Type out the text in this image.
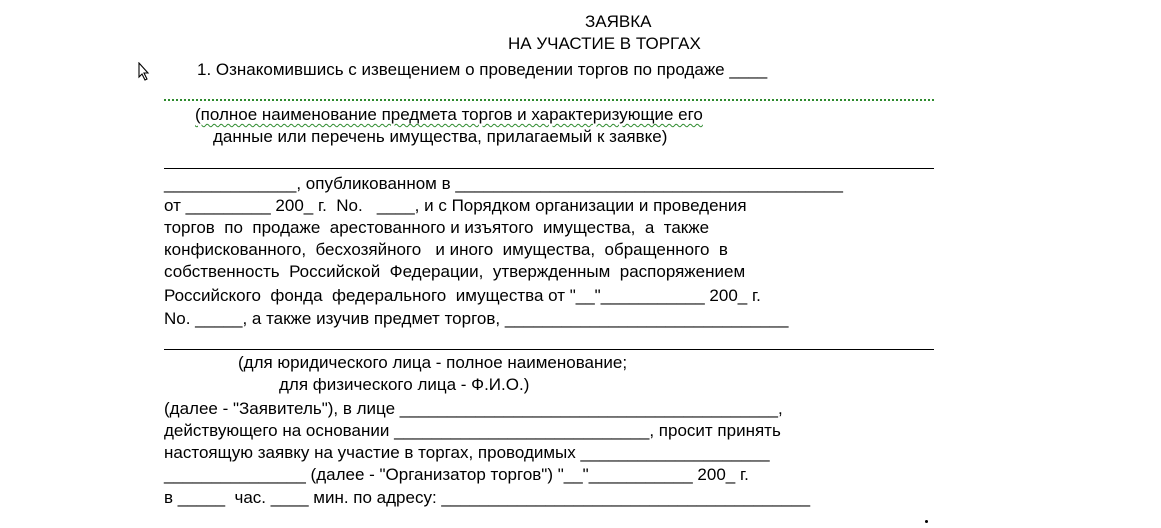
ЗАЯВКА
НА УЧАСТИЕ В ТОРГАХ
1. Ознакомившись с извещением о проведении торгов по продаже ____
(полное наименование предмета торгов и характеризующие его
данные или перечень имущества, прилагаемый к заявке)
______________, опубликованном в _________________________________________
от _________ 200_ г.  No.   ____, и с Порядком организации и проведения
торгов  по  продаже  арестованного и изъятого  имущества,  а  также
конфискованного,  бесхозяйного   и иного  имущества,  обращенного  в
собственность  Российской  Федерации,  утвержденным  распоряжением
Российского  фонда  федерального  имущества от "__"___________ 200_ г.
No. _____, а также изучив предмет торгов, ______________________________
(для юридического лица - полное наименование;
для физического лица - Ф.И.О.)
(далее - "Заявитель"), в лице ________________________________________,
действующего на основании ___________________________, просит принять
настоящую заявку на участие в торгах, проводимых ____________________
_______________ (далее - "Организатор торгов") "__"___________ 200_ г.
в _____  час. ____ мин. по адресу: _______________________________________
